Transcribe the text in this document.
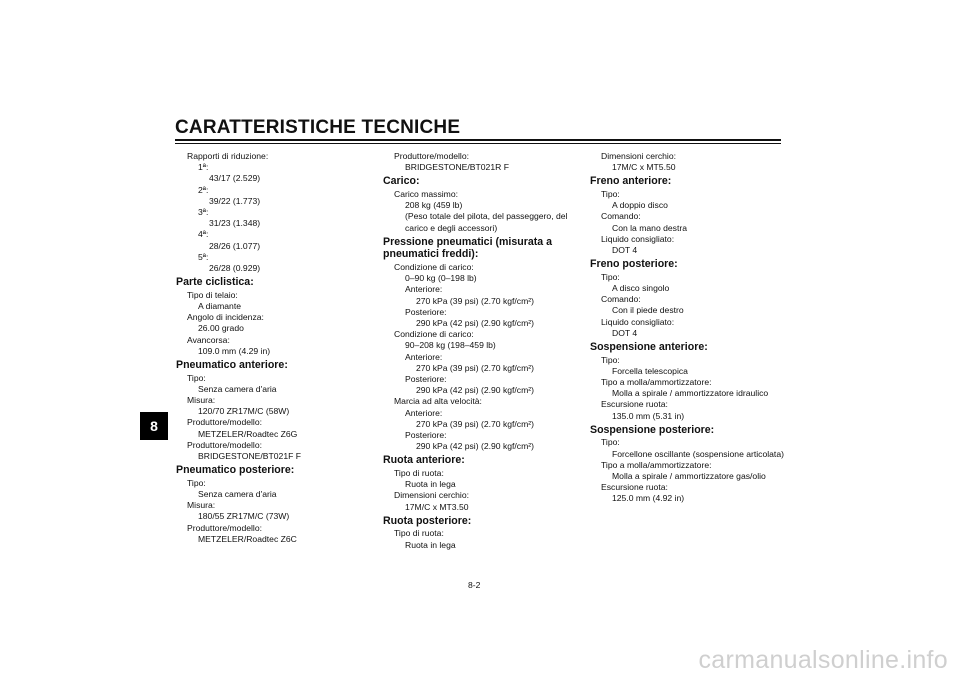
CARATTERISTICHE TECNICHE
8
Rapporti di riduzione:
1ª:
43/17 (2.529)
2ª:
39/22 (1.773)
3ª:
31/23 (1.348)
4ª:
28/26 (1.077)
5ª:
26/28 (0.929)
Parte ciclistica:
Tipo di telaio:
A diamante
Angolo di incidenza:
26.00 grado
Avancorsa:
109.0 mm (4.29 in)
Pneumatico anteriore:
Tipo:
Senza camera d'aria
Misura:
120/70 ZR17M/C (58W)
Produttore/modello:
METZELER/Roadtec Z6G
Produttore/modello:
BRIDGESTONE/BT021F F
Pneumatico posteriore:
Tipo:
Senza camera d'aria
Misura:
180/55 ZR17M/C (73W)
Produttore/modello:
METZELER/Roadtec Z6C
Produttore/modello:
BRIDGESTONE/BT021R F
Carico:
Carico massimo:
208 kg (459 lb)
(Peso totale del pilota, del passeggero, del carico e degli accessori)
Pressione pneumatici (misurata a pneumatici freddi):
Condizione di carico:
0–90 kg (0–198 lb)
Anteriore:
270 kPa (39 psi) (2.70 kgf/cm²)
Posteriore:
290 kPa (42 psi) (2.90 kgf/cm²)
Condizione di carico:
90–208 kg (198–459 lb)
Anteriore:
270 kPa (39 psi) (2.70 kgf/cm²)
Posteriore:
290 kPa (42 psi) (2.90 kgf/cm²)
Marcia ad alta velocità:
Anteriore:
270 kPa (39 psi) (2.70 kgf/cm²)
Posteriore:
290 kPa (42 psi) (2.90 kgf/cm²)
Ruota anteriore:
Tipo di ruota:
Ruota in lega
Dimensioni cerchio:
17M/C x MT3.50
Ruota posteriore:
Tipo di ruota:
Ruota in lega
Dimensioni cerchio:
17M/C x MT5.50
Freno anteriore:
Tipo:
A doppio disco
Comando:
Con la mano destra
Liquido consigliato:
DOT 4
Freno posteriore:
Tipo:
A disco singolo
Comando:
Con il piede destro
Liquido consigliato:
DOT 4
Sospensione anteriore:
Tipo:
Forcella telescopica
Tipo a molla/ammortizzatore:
Molla a spirale / ammortizzatore idraulico
Escursione ruota:
135.0 mm (5.31 in)
Sospensione posteriore:
Tipo:
Forcellone oscillante (sospensione articolata)
Tipo a molla/ammortizzatore:
Molla a spirale / ammortizzatore gas/olio
Escursione ruota:
125.0 mm (4.92 in)
8-2
carmanualsonline.info
